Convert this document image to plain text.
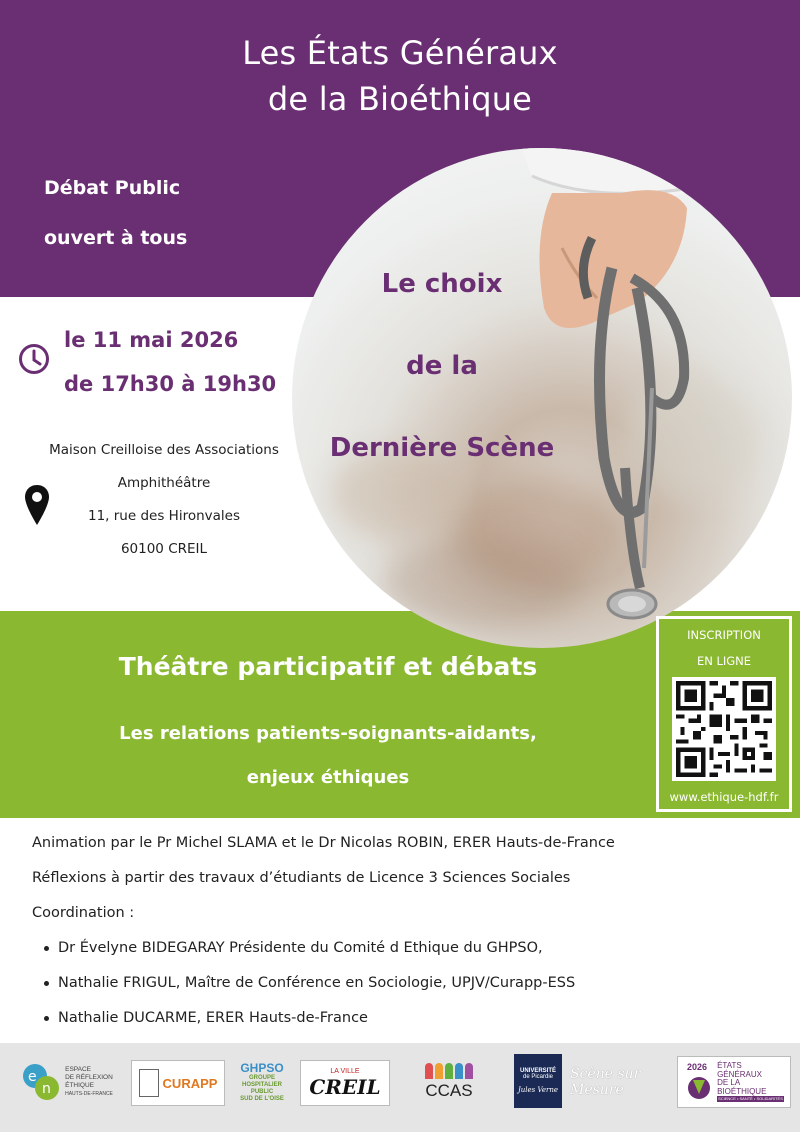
Les États Généraux
de la Bioéthique
Débat Public
ouvert à tous
Le choix
de la
Dernière Scène
le 11 mai 2026
de 17h30 à 19h30
Maison Creilloise des Associations
Amphithéâtre
11, rue des Hironvales
60100 CREIL
Théâtre participatif et débats
Les relations patients-soignants-aidants,
enjeux éthiques
INSCRIPTION
EN LIGNE
www.ethique-hdf.fr

Animation par le Pr Michel SLAMA et le Dr Nicolas ROBIN, ERER Hauts-de-France

Réflexions à partir des travaux d’étudiants de Licence 3 Sciences Sociales

Coordination :

Dr Évelyne BIDEGARAY Présidente du Comité d Ethique du GHPSO,
Nathalie FRIGUL, Maître de Conférence en Sociologie, UPJV/Curapp-ESS
Nathalie DUCARME, ERER Hauts-de-France
e
n
ESPACE
DE RÉFLEXION
ÉTHIQUE
HAUTS-DE-FRANCE
CURAPP
GHPSO
GROUPE
HOSPITALIER
PUBLIC
SUD DE L'OISE
LA VILLE
CREIL	CCAS
UNIVERSITÉ
de Picardie
Jules Verne
Scène sur Mesure
2026 ÉTATS
GÉNÉRAUX
DE LA
BIOÉTHIQUE
SCIENCE • SANTÉ • SOLIDARITÉS
